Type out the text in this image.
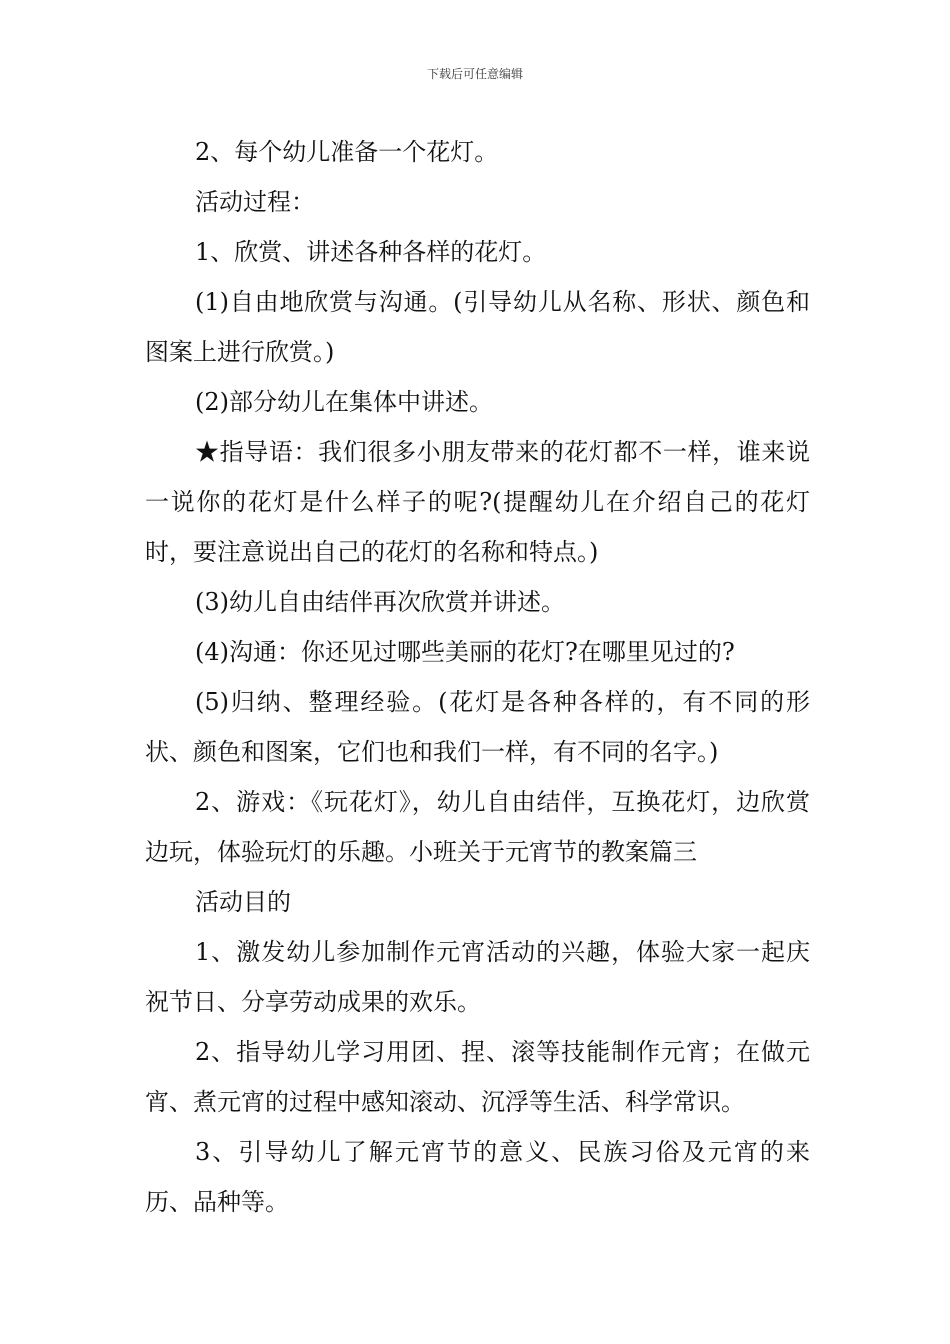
下载后可任意编辑

2、每个幼儿准备一个花灯。

活动过程：

1、欣赏、讲述各种各样的花灯。

(1)自由地欣赏与沟通。(引导幼儿从名称、形状、颜色和图案上进行欣赏。)

(2)部分幼儿在集体中讲述。

★指导语：我们很多小朋友带来的花灯都不一样，谁来说一说你的花灯是什么样子的呢?(提醒幼儿在介绍自己的花灯时，要注意说出自己的花灯的名称和特点。)

(3)幼儿自由结伴再次欣赏并讲述。

(4)沟通：你还见过哪些美丽的花灯?在哪里见过的?

(5)归纳、整理经验。(花灯是各种各样的，有不同的形状、颜色和图案，它们也和我们一样，有不同的名字。)

2、游戏：《玩花灯》，幼儿自由结伴，互换花灯，边欣赏边玩，体验玩灯的乐趣。小班关于元宵节的教案篇三

活动目的

1、激发幼儿参加制作元宵活动的兴趣，体验大家一起庆祝节日、分享劳动成果的欢乐。

2、指导幼儿学习用团、捏、滚等技能制作元宵；在做元宵、煮元宵的过程中感知滚动、沉浮等生活、科学常识。

3、引导幼儿了解元宵节的意义、民族习俗及元宵的来历、品种等。
